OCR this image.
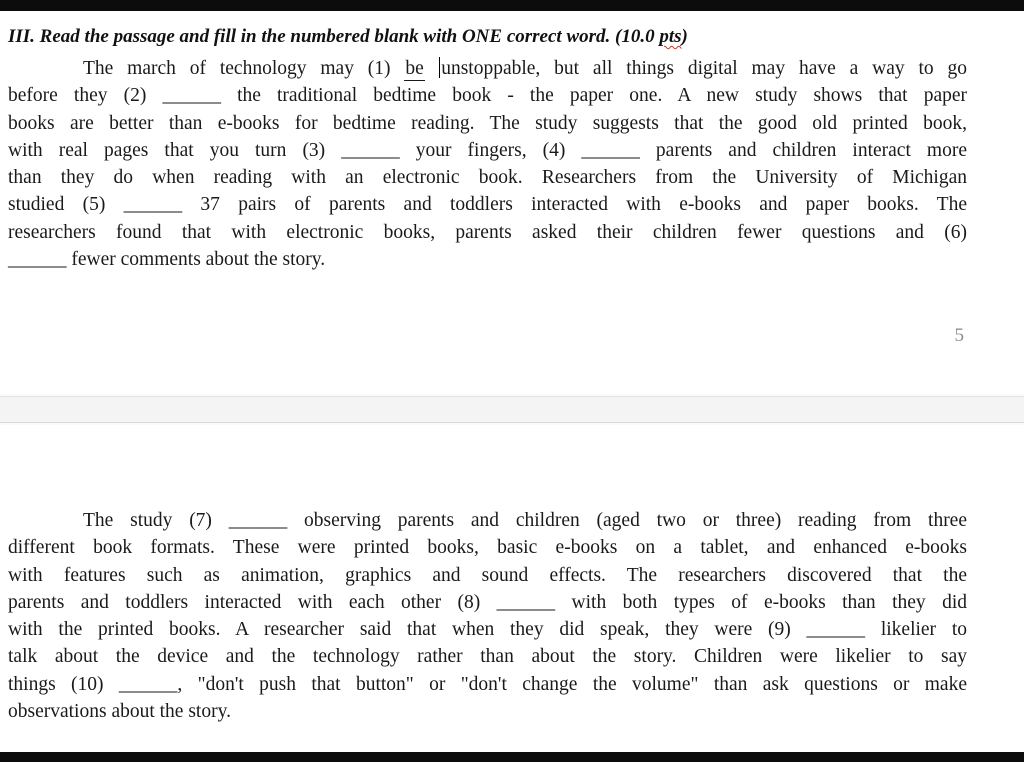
III. Read the passage and fill in the numbered blank with ONE correct word. (10.0 pts)
The march of technology may (1) be unstoppable, but all things digital may have a way to go
before they (2) ______ the traditional bedtime book - the paper one. A new study shows that paper
books are better than e-books for bedtime reading. The study suggests that the good old printed book,
with real pages that you turn (3) ______ your fingers, (4) ______ parents and children interact more
than they do when reading with an electronic book. Researchers from the University of Michigan
studied (5) ______ 37 pairs of parents and toddlers interacted with e-books and paper books. The
researchers found that with electronic books, parents asked their children fewer questions and (6)
______ fewer comments about the story.
5
The study (7) ______ observing parents and children (aged two or three) reading from three
different book formats. These were printed books, basic e-books on a tablet, and enhanced e-books
with features such as animation, graphics and sound effects. The researchers discovered that the
parents and toddlers interacted with each other (8) ______ with both types of e-books than they did
with the printed books. A researcher said that when they did speak, they were (9) ______ likelier to
talk about the device and the technology rather than about the story. Children were likelier to say
things (10) ______, "don't push that button" or "don't change the volume" than ask questions or make
observations about the story.
